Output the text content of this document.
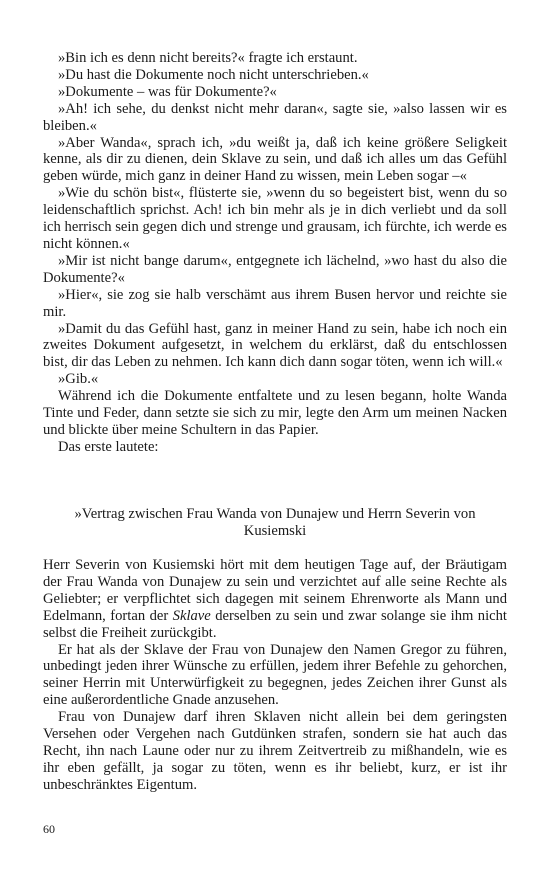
»Bin ich es denn nicht bereits?« fragte ich erstaunt.

»Du hast die Dokumente noch nicht unterschrieben.«

»Dokumente – was für Dokumente?«

»Ah! ich sehe, du denkst nicht mehr daran«, sagte sie, »also lassen wir es bleiben.«

»Aber Wanda«, sprach ich, »du weißt ja, daß ich keine größere Seligkeit kenne, als dir zu dienen, dein Sklave zu sein, und daß ich alles um das Gefühl geben würde, mich ganz in deiner Hand zu wissen, mein Leben sogar –«

»Wie du schön bist«, flüsterte sie, »wenn du so begeistert bist, wenn du so leidenschaftlich sprichst. Ach! ich bin mehr als je in dich verliebt und da soll ich herrisch sein gegen dich und strenge und grausam, ich fürchte, ich werde es nicht können.«

»Mir ist nicht bange darum«, entgegnete ich lächelnd, »wo hast du also die Dokumente?«

»Hier«, sie zog sie halb verschämt aus ihrem Busen hervor und reichte sie mir.

»Damit du das Gefühl hast, ganz in meiner Hand zu sein, habe ich noch ein zweites Dokument aufgesetzt, in welchem du erklärst, daß du entschlossen bist, dir das Leben zu nehmen. Ich kann dich dann sogar töten, wenn ich will.«

»Gib.«

Während ich die Dokumente entfaltete und zu lesen begann, holte Wanda Tinte und Feder, dann setzte sie sich zu mir, legte den Arm um meinen Nacken und blickte über meine Schultern in das Papier.

Das erste lautete:

»Vertrag zwischen Frau Wanda von Dunajew und Herrn Severin von Kusiemski

Herr Severin von Kusiemski hört mit dem heutigen Tage auf, der Bräutigam der Frau Wanda von Dunajew zu sein und verzichtet auf alle seine Rechte als Geliebter; er verpflichtet sich dagegen mit seinem Ehrenworte als Mann und Edelmann, fortan der Sklave derselben zu sein und zwar solange sie ihm nicht selbst die Freiheit zurückgibt.

Er hat als der Sklave der Frau von Dunajew den Namen Gregor zu führen, unbedingt jeden ihrer Wünsche zu erfüllen, jedem ihrer Befehle zu gehorchen, seiner Herrin mit Unterwürfigkeit zu begegnen, jedes Zeichen ihrer Gunst als eine außerordentliche Gnade anzusehen.

Frau von Dunajew darf ihren Sklaven nicht allein bei dem geringsten Versehen oder Vergehen nach Gutdünken strafen, sondern sie hat auch das Recht, ihn nach Laune oder nur zu ihrem Zeitvertreib zu mißhandeln, wie es ihr eben gefällt, ja sogar zu töten, wenn es ihr beliebt, kurz, er ist ihr unbeschränktes Eigentum.

60
